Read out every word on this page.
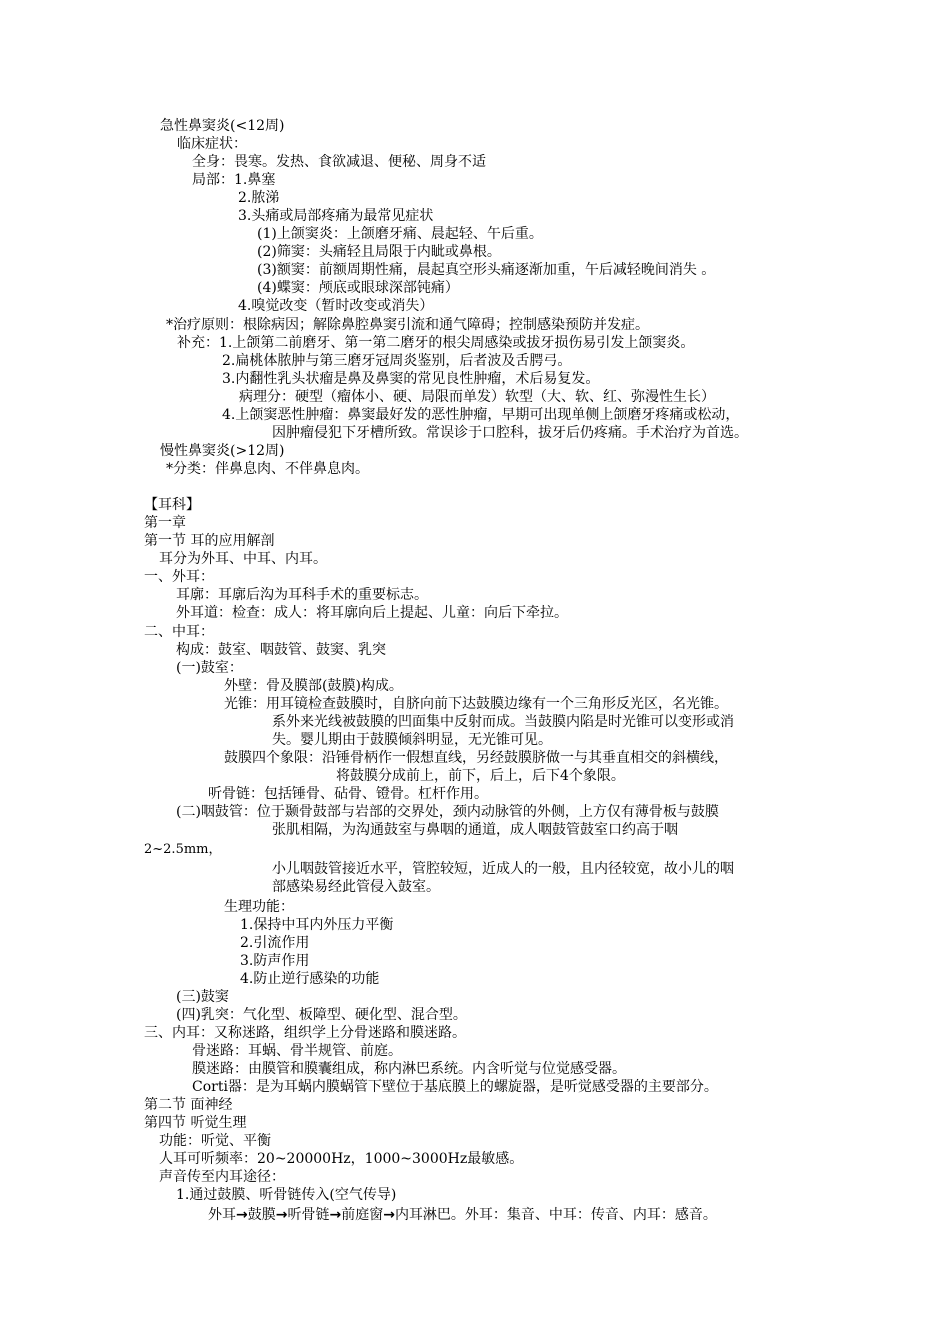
急性鼻窦炎(<12周)
临床症状：
全身：畏寒。发热、食欲减退、便秘、周身不适
局部：1.鼻塞
2.脓涕
3.头痛或局部疼痛为最常见症状
(1)上颌窦炎：上颌磨牙痛、晨起轻、午后重。
(2)筛窦：头痛轻且局限于内眦或鼻根。
(3)额窦：前额周期性痛，晨起真空形头痛逐渐加重，午后减轻晚间消失 。
(4)蝶窦：颅底或眼球深部钝痛）
4.嗅觉改变（暂时改变或消失）
*治疗原则：根除病因；解除鼻腔鼻窦引流和通气障碍；控制感染预防并发症。
补充：1.上颌第二前磨牙、第一第二磨牙的根尖周感染或拔牙损伤易引发上颌窦炎。
2.扁桃体脓肿与第三磨牙冠周炎鉴别，后者波及舌腭弓。
3.内翻性乳头状瘤是鼻及鼻窦的常见良性肿瘤，术后易复发。
病理分：硬型（瘤体小、硬、局限而单发）软型（大、软、红、弥漫性生长）
4.上颌窦恶性肿瘤：鼻窦最好发的恶性肿瘤，早期可出现单侧上颌磨牙疼痛或松动，
因肿瘤侵犯下牙槽所致。常误诊于口腔科，拔牙后仍疼痛。手术治疗为首选。
慢性鼻窦炎(>12周)
*分类：伴鼻息肉、不伴鼻息肉。
【耳科】
第一章
第一节 耳的应用解剖
耳分为外耳、中耳、内耳。
一、外耳：
耳廓：耳廓后沟为耳科手术的重要标志。
外耳道：检查：成人：将耳廓向后上提起、儿童：向后下牵拉。
二、中耳：
构成：鼓室、咽鼓管、鼓窦、乳突
(一)鼓室：
外壁：骨及膜部(鼓膜)构成。
光锥：用耳镜检查鼓膜时，自脐向前下达鼓膜边缘有一个三角形反光区，名光锥。
系外来光线被鼓膜的凹面集中反射而成。当鼓膜内陷是时光锥可以变形或消
失。婴儿期由于鼓膜倾斜明显，无光锥可见。
鼓膜四个象限：沿锤骨柄作一假想直线，另经鼓膜脐做一与其垂直相交的斜横线，
将鼓膜分成前上，前下，后上，后下4个象限。
听骨链：包括锤骨、砧骨、镫骨。杠杆作用。
(二)咽鼓管：位于颞骨鼓部与岩部的交界处，颈内动脉管的外侧，上方仅有薄骨板与鼓膜
张肌相隔，为沟通鼓室与鼻咽的通道，成人咽鼓管鼓室口约高于咽
2~2.5mm，
小儿咽鼓管接近水平，管腔较短，近成人的一般，且内径较宽，故小儿的咽
部感染易经此管侵入鼓室。
生理功能：
1.保持中耳内外压力平衡
2.引流作用
3.防声作用
4.防止逆行感染的功能
(三)鼓窦
(四)乳突：气化型、板障型、硬化型、混合型。
三、内耳：又称迷路，组织学上分骨迷路和膜迷路。
骨迷路：耳蜗、骨半规管、前庭。
膜迷路：由膜管和膜囊组成，称内淋巴系统。内含听觉与位觉感受器。
Corti器：是为耳蜗内膜蜗管下壁位于基底膜上的螺旋器，是听觉感受器的主要部分。
第二节 面神经
第四节 听觉生理
功能：听觉、平衡
人耳可听频率：20~20000Hz，1000~3000Hz最敏感。
声音传至内耳途径：
1.通过鼓膜、听骨链传入(空气传导)
外耳→鼓膜→听骨链→前庭窗→内耳淋巴。外耳：集音、中耳：传音、内耳：感音。
